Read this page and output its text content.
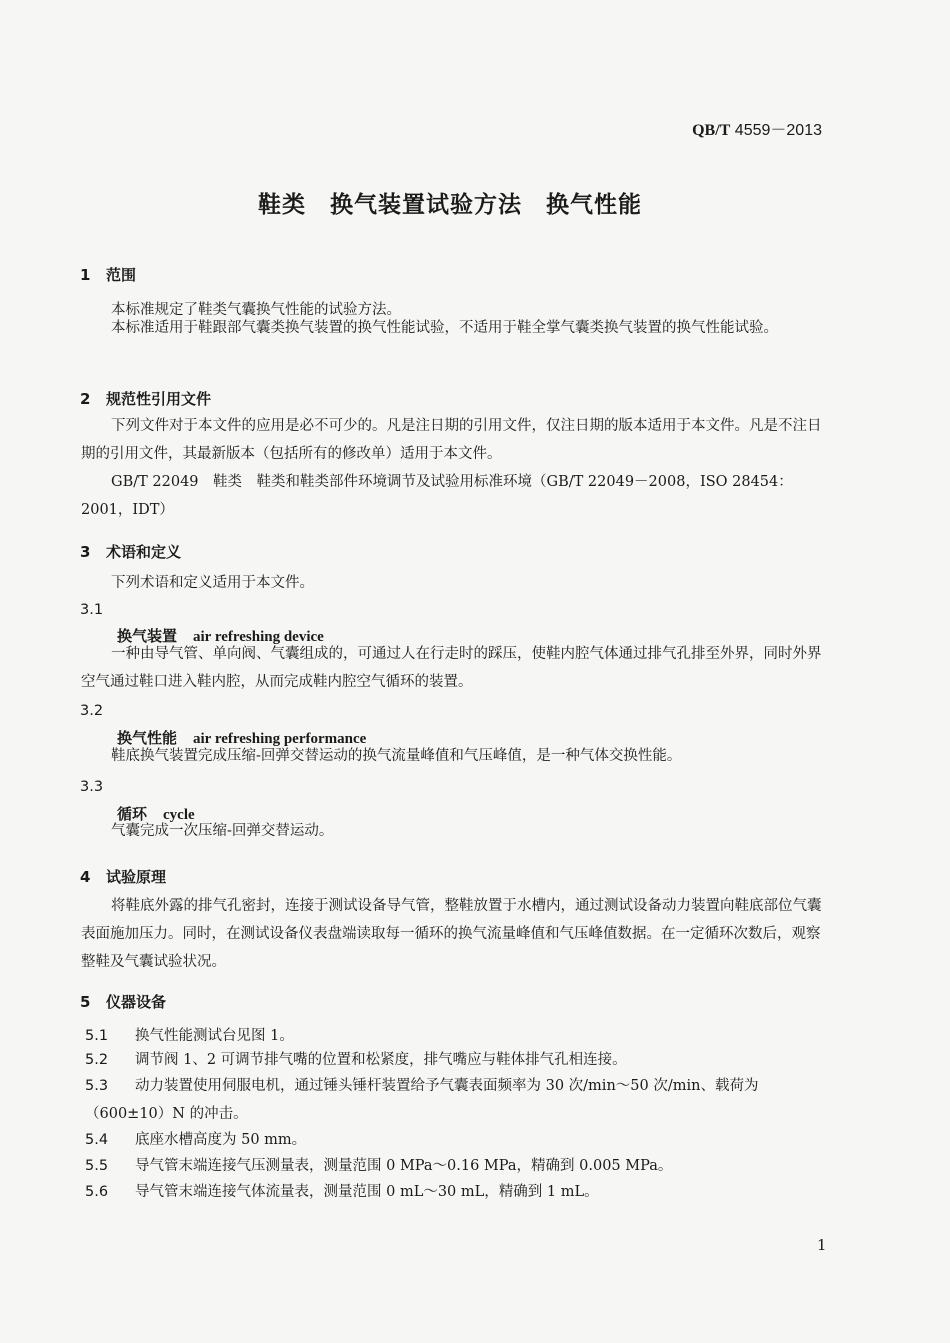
QB/T 4559－2013
鞋类　换气装置试验方法　换气性能
1 范围
本标准规定了鞋类气囊换气性能的试验方法。
本标准适用于鞋跟部气囊类换气装置的换气性能试验，不适用于鞋全掌气囊类换气装置的换气性能试验。
2 规范性引用文件
下列文件对于本文件的应用是必不可少的。凡是注日期的引用文件，仅注日期的版本适用于本文件。凡是不注日期的引用文件，其最新版本（包括所有的修改单）适用于本文件。
GB/T 22049　鞋类　鞋类和鞋类部件环境调节及试验用标准环境（GB/T 22049－2008，ISO 28454：2001，IDT）
3 术语和定义
下列术语和定义适用于本文件。
3.1
换气装置 air refreshing device
一种由导气管、单向阀、气囊组成的，可通过人在行走时的踩压，使鞋内腔气体通过排气孔排至外界，同时外界空气通过鞋口进入鞋内腔，从而完成鞋内腔空气循环的装置。
3.2
换气性能 air refreshing performance
鞋底换气装置完成压缩-回弹交替运动的换气流量峰值和气压峰值，是一种气体交换性能。
3.3
循环 cycle
气囊完成一次压缩-回弹交替运动。
4 试验原理
将鞋底外露的排气孔密封，连接于测试设备导气管，整鞋放置于水槽内，通过测试设备动力装置向鞋底部位气囊表面施加压力。同时，在测试设备仪表盘端读取每一循环的换气流量峰值和气压峰值数据。在一定循环次数后，观察整鞋及气囊试验状况。
5 仪器设备
5.1 换气性能测试台见图 1。
5.2 调节阀 1、2 可调节排气嘴的位置和松紧度，排气嘴应与鞋体排气孔相连接。
5.3 动力装置使用伺服电机，通过锤头锤杆装置给予气囊表面频率为 30 次/min～50 次/min、载荷为
（600±10）N 的冲击。
5.4 底座水槽高度为 50 mm。
5.5 导气管末端连接气压测量表，测量范围 0 MPa～0.16 MPa，精确到 0.005 MPa。
5.6 导气管末端连接气体流量表，测量范围 0 mL～30 mL，精确到 1 mL。
1
